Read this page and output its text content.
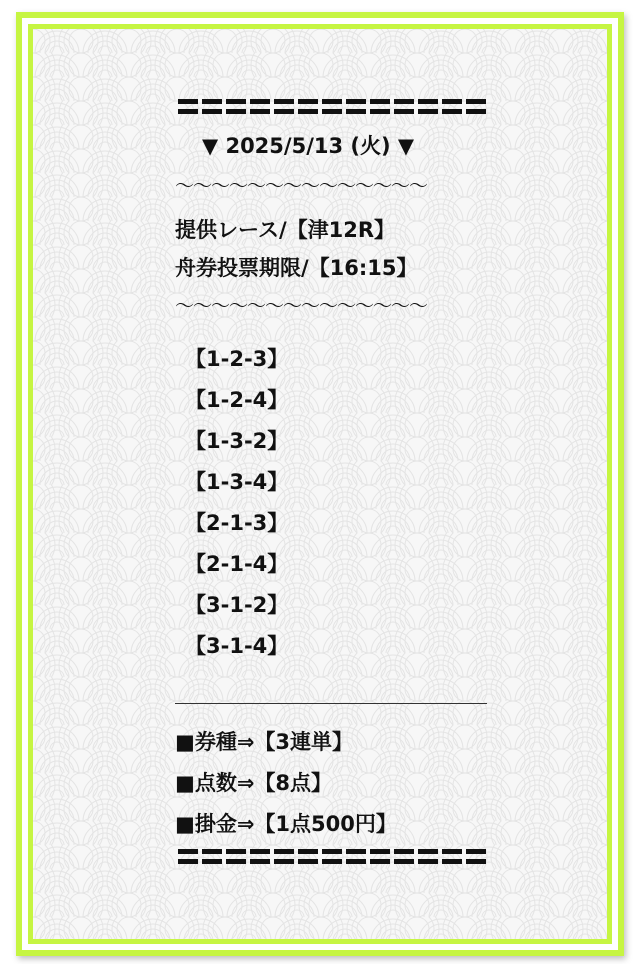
▼ 2025/5/13 (火) ▼
〜〜〜〜〜〜〜〜〜〜〜〜〜〜
提供レース/【津12R】
舟券投票期限/【16:15】
〜〜〜〜〜〜〜〜〜〜〜〜〜〜
【1-2-3】
【1-2-4】
【1-3-2】
【1-3-4】
【2-1-3】
【2-1-4】
【3-1-2】
【3-1-4】
■券種⇒【3連単】
■点数⇒【8点】
■掛金⇒【1点500円】
